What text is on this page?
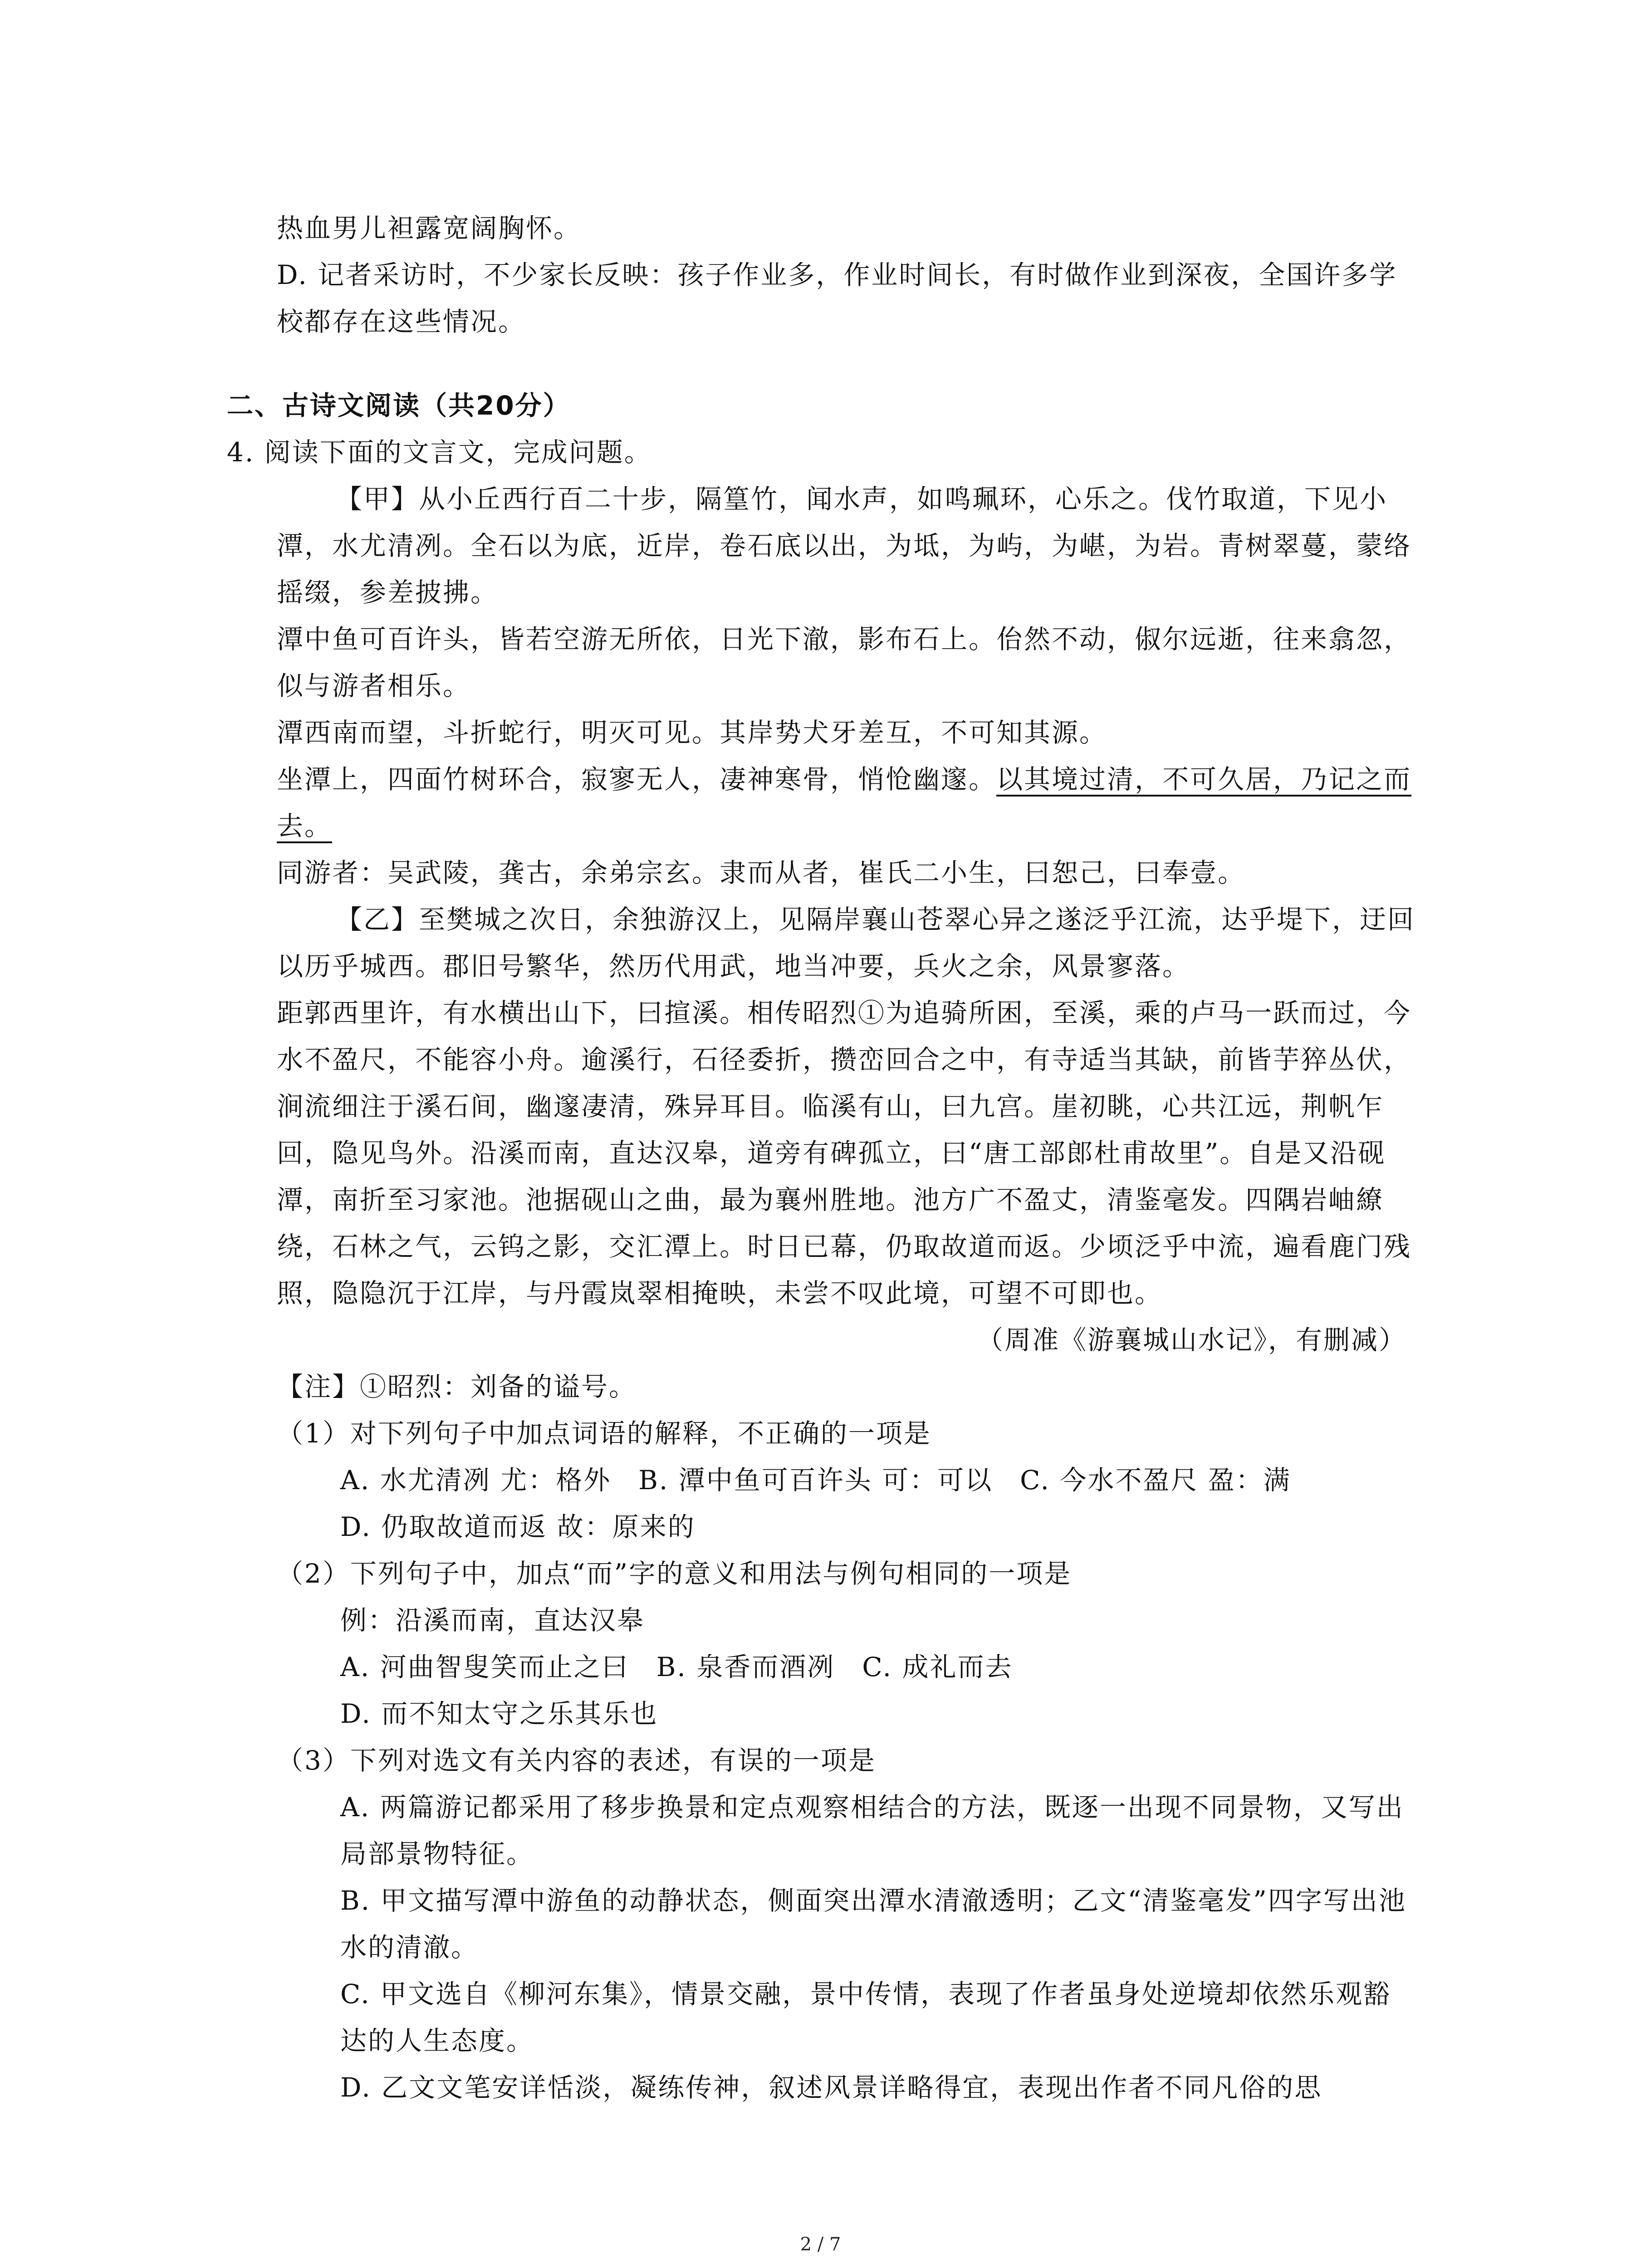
热血男儿袒露宽阔胸怀。

D. 记者采访时，不少家长反映：孩子作业多，作业时间长，有时做作业到深夜，全国许多学校都存在这些情况。

二、古诗文阅读（共20分）

4. 阅读下面的文言文，完成问题。

【甲】从小丘西行百二十步，隔篁竹，闻水声，如鸣珮环，心乐之。伐竹取道，下见小潭，水尤清冽。全石以为底，近岸，卷石底以出，为坻，为屿，为嵁，为岩。青树翠蔓，蒙络摇缀，参差披拂。

潭中鱼可百许头，皆若空游无所依，日光下澈，影布石上。佁然不动，俶尔远逝，往来翕忽，似与游者相乐。

潭西南而望，斗折蛇行，明灭可见。其岸势犬牙差互，不可知其源。

坐潭上，四面竹树环合，寂寥无人，凄神寒骨，悄怆幽邃。以其境过清，不可久居，乃记之而去。

同游者：吴武陵，龚古，余弟宗玄。隶而从者，崔氏二小生，曰恕己，曰奉壹。

【乙】至樊城之次日，余独游汉上，见隔岸襄山苍翠心异之遂泛乎江流，达乎堤下，迂回以历乎城西。郡旧号繁华，然历代用武，地当冲要，兵火之余，风景寥落。

距郭西里许，有水横出山下，曰揎溪。相传昭烈①为追骑所困，至溪，乘的卢马一跃而过，今水不盈尺，不能容小舟。逾溪行，石径委折，攒峦回合之中，有寺适当其缺，前皆芋猝丛伏，涧流细注于溪石间，幽邃凄清，殊异耳目。临溪有山，曰九宫。崖初眺，心共江远，荆帆乍回，隐见鸟外。沿溪而南，直达汉皋，道旁有碑孤立，曰“唐工部郎杜甫故里”。自是又沿砚潭，南折至习家池。池据砚山之曲，最为襄州胜地。池方广不盈丈，清鉴毫发。四隅岩岫繚绕，石林之气，云钨之影，交汇潭上。时日已幕，仍取故道而返。少顷泛乎中流，遍看鹿门残照，隐隐沉于江岸，与丹霞岚翠相掩映，未尝不叹此境，可望不可即也。

（周准《游襄城山水记》，有删减）

【注】①昭烈：刘备的谥号。

（1）对下列句子中加点词语的解释，不正确的一项是

A. 水尤清冽 尤：格外 B. 潭中鱼可百许头 可：可以 C. 今水不盈尺 盈：满

D. 仍取故道而返 故：原来的

（2）下列句子中，加点“而”字的意义和用法与例句相同的一项是

例：沿溪而南，直达汉皋

A. 河曲智叟笑而止之曰 B. 泉香而酒冽 C. 成礼而去

D. 而不知太守之乐其乐也

（3）下列对选文有关内容的表述，有误的一项是

A. 两篇游记都采用了移步换景和定点观察相结合的方法，既逐一出现不同景物，又写出局部景物特征。

B. 甲文描写潭中游鱼的动静状态，侧面突出潭水清澈透明；乙文“清鉴毫发”四字写出池水的清澈。

C. 甲文选自《柳河东集》，情景交融，景中传情，表现了作者虽身处逆境却依然乐观豁达的人生态度。

D. 乙文文笔安详恬淡，凝练传神，叙述风景详略得宜，表现出作者不同凡俗的思

2 / 7
